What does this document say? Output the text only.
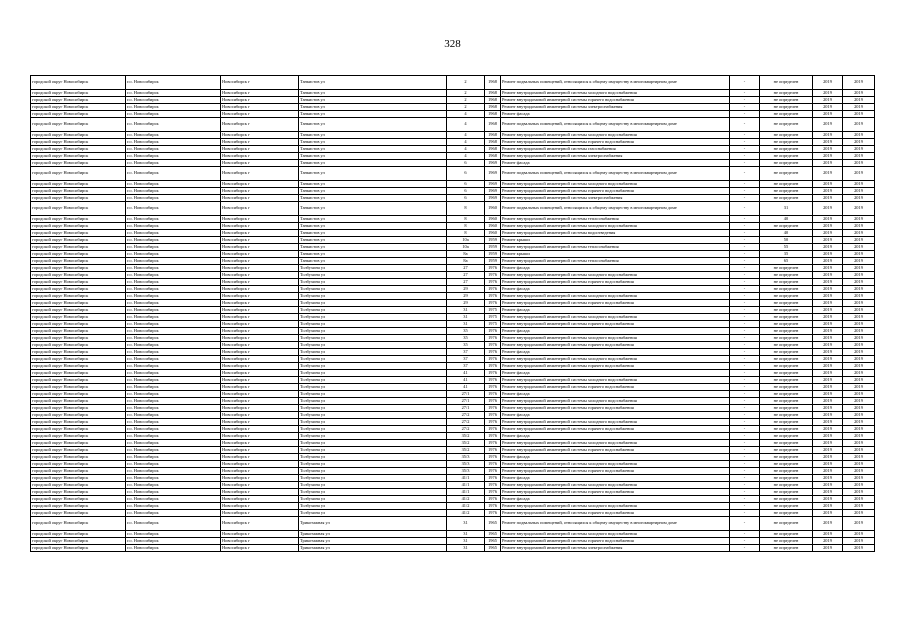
328
городской округ Новосибирск	г.о. Новосибирск	Новосибирск г	Танкистов ул	2	1968	Ремонт подвальных помещений, относящихся к общему имуществу в многоквартирном доме	-	не определен	2019	2019
городской округ Новосибирск	г.о. Новосибирск	Новосибирск г	Танкистов ул	2	1968	Ремонт внутридомовой инженерной системы холодного водоснабжения	-	не определен	2019	2019
городской округ Новосибирск	г.о. Новосибирск	Новосибирск г	Танкистов ул	2	1968	Ремонт внутридомовой инженерной системы горячего водоснабжения	-	не определен	2019	2019
городской округ Новосибирск	г.о. Новосибирск	Новосибирск г	Танкистов ул	2	1968	Ремонт внутридомовой инженерной системы электроснабжения	-	не определен	2019	2019
городской округ Новосибирск	г.о. Новосибирск	Новосибирск г	Танкистов ул	4	1968	Ремонт фасада	-	не определен	2019	2019
городской округ Новосибирск	г.о. Новосибирск	Новосибирск г	Танкистов ул	4	1968	Ремонт подвальных помещений, относящихся к общему имуществу в многоквартирном доме	-	не определен	2019	2019
городской округ Новосибирск	г.о. Новосибирск	Новосибирск г	Танкистов ул	4	1968	Ремонт внутридомовой инженерной системы холодного водоснабжения	-	не определен	2019	2019
городской округ Новосибирск	г.о. Новосибирск	Новосибирск г	Танкистов ул	4	1968	Ремонт внутридомовой инженерной системы горячего водоснабжения	-	не определен	2019	2019
городской округ Новосибирск	г.о. Новосибирск	Новосибирск г	Танкистов ул	4	1968	Ремонт внутридомовой инженерной системы газоснабжения	-	не определен	2019	2019
городской округ Новосибирск	г.о. Новосибирск	Новосибирск г	Танкистов ул	4	1968	Ремонт внутридомовой инженерной системы электроснабжения	-	не определен	2019	2019
городской округ Новосибирск	г.о. Новосибирск	Новосибирск г	Танкистов ул	6	1969	Ремонт фасада	-	не определен	2019	2019
городской округ Новосибирск	г.о. Новосибирск	Новосибирск г	Танкистов ул	6	1969	Ремонт подвальных помещений, относящихся к общему имуществу в многоквартирном доме	-	не определен	2019	2019
городской округ Новосибирск	г.о. Новосибирск	Новосибирск г	Танкистов ул	6	1969	Ремонт внутридомовой инженерной системы холодного водоснабжения	-	не определен	2019	2019
городской округ Новосибирск	г.о. Новосибирск	Новосибирск г	Танкистов ул	6	1969	Ремонт внутридомовой инженерной системы горячего водоснабжения	-	не определен	2019	2019
городской округ Новосибирск	г.о. Новосибирск	Новосибирск г	Танкистов ул	6	1969	Ремонт внутридомовой инженерной системы электроснабжения	-	не определен	2019	2019
городской округ Новосибирск	г.о. Новосибирск	Новосибирск г	Танкистов ул	8	1960	Ремонт подвальных помещений, относящихся к общему имуществу в многоквартирном доме	-	31	2019	2019
городской округ Новосибирск	г.о. Новосибирск	Новосибирск г	Танкистов ул	8	1960	Ремонт внутридомовой инженерной системы теплоснабжения	-	40	2019	2019
городской округ Новосибирск	г.о. Новосибирск	Новосибирск г	Танкистов ул	8	1960	Ремонт внутридомовой инженерной системы холодного водоснабжения	-	не определен	2019	2019
городской округ Новосибирск	г.о. Новосибирск	Новосибирск г	Танкистов ул	8	1960	Ремонт внутридомовой инженерной системы водоотведения	-	40	2019	2019
городской округ Новосибирск	г.о. Новосибирск	Новосибирск г	Танкистов ул	10а	1959	Ремонт крыши	-	50	2019	2019
городской округ Новосибирск	г.о. Новосибирск	Новосибирск г	Танкистов ул	10а	1959	Ремонт внутридомовой инженерной системы теплоснабжения	-	55	2019	2019
городской округ Новосибирск	г.о. Новосибирск	Новосибирск г	Танкистов ул	8а	1959	Ремонт крыши	-	35	2019	2019
городской округ Новосибирск	г.о. Новосибирск	Новосибирск г	Танкистов ул	8а	1959	Ремонт внутридомовой инженерной системы теплоснабжения	-	65	2019	2019
городской округ Новосибирск	г.о. Новосибирск	Новосибирск г	Толбухина ул	27	1976	Ремонт фасада	-	не определен	2019	2019
городской округ Новосибирск	г.о. Новосибирск	Новосибирск г	Толбухина ул	27	1976	Ремонт внутридомовой инженерной системы холодного водоснабжения	-	не определен	2019	2019
городской округ Новосибирск	г.о. Новосибирск	Новосибирск г	Толбухина ул	27	1976	Ремонт внутридомовой инженерной системы горячего водоснабжения	-	не определен	2019	2019
городской округ Новосибирск	г.о. Новосибирск	Новосибирск г	Толбухина ул	29	1976	Ремонт фасада	-	не определен	2019	2019
городской округ Новосибирск	г.о. Новосибирск	Новосибирск г	Толбухина ул	29	1976	Ремонт внутридомовой инженерной системы холодного водоснабжения	-	не определен	2019	2019
городской округ Новосибирск	г.о. Новосибирск	Новосибирск г	Толбухина ул	29	1976	Ремонт внутридомовой инженерной системы горячего водоснабжения	-	не определен	2019	2019
городской округ Новосибирск	г.о. Новосибирск	Новосибирск г	Толбухина ул	31	1975	Ремонт фасада	-	не определен	2019	2019
городской округ Новосибирск	г.о. Новосибирск	Новосибирск г	Толбухина ул	31	1975	Ремонт внутридомовой инженерной системы холодного водоснабжения	-	не определен	2019	2019
городской округ Новосибирск	г.о. Новосибирск	Новосибирск г	Толбухина ул	31	1975	Ремонт внутридомовой инженерной системы горячего водоснабжения	-	не определен	2019	2019
городской округ Новосибирск	г.о. Новосибирск	Новосибирск г	Толбухина ул	35	1976	Ремонт фасада	-	не определен	2019	2019
городской округ Новосибирск	г.о. Новосибирск	Новосибирск г	Толбухина ул	35	1976	Ремонт внутридомовой инженерной системы холодного водоснабжения	-	не определен	2019	2019
городской округ Новосибирск	г.о. Новосибирск	Новосибирск г	Толбухина ул	35	1976	Ремонт внутридомовой инженерной системы горячего водоснабжения	-	не определен	2019	2019
городской округ Новосибирск	г.о. Новосибирск	Новосибирск г	Толбухина ул	37	1976	Ремонт фасада	-	не определен	2019	2019
городской округ Новосибирск	г.о. Новосибирск	Новосибирск г	Толбухина ул	37	1976	Ремонт внутридомовой инженерной системы холодного водоснабжения	-	не определен	2019	2019
городской округ Новосибирск	г.о. Новосибирск	Новосибирск г	Толбухина ул	37	1976	Ремонт внутридомовой инженерной системы горячего водоснабжения	-	не определен	2019	2019
городской округ Новосибирск	г.о. Новосибирск	Новосибирск г	Толбухина ул	41	1976	Ремонт фасада	-	не определен	2019	2019
городской округ Новосибирск	г.о. Новосибирск	Новосибирск г	Толбухина ул	41	1976	Ремонт внутридомовой инженерной системы холодного водоснабжения	-	не определен	2019	2019
городской округ Новосибирск	г.о. Новосибирск	Новосибирск г	Толбухина ул	41	1976	Ремонт внутридомовой инженерной системы горячего водоснабжения	-	не определен	2019	2019
городской округ Новосибирск	г.о. Новосибирск	Новосибирск г	Толбухина ул	27/1	1976	Ремонт фасада	-	не определен	2019	2019
городской округ Новосибирск	г.о. Новосибирск	Новосибирск г	Толбухина ул	27/1	1976	Ремонт внутридомовой инженерной системы холодного водоснабжения	-	не определен	2019	2019
городской округ Новосибирск	г.о. Новосибирск	Новосибирск г	Толбухина ул	27/1	1976	Ремонт внутридомовой инженерной системы горячего водоснабжения	-	не определен	2019	2019
городской округ Новосибирск	г.о. Новосибирск	Новосибирск г	Толбухина ул	27/2	1976	Ремонт фасада	-	не определен	2019	2019
городской округ Новосибирск	г.о. Новосибирск	Новосибирск г	Толбухина ул	27/2	1976	Ремонт внутридомовой инженерной системы холодного водоснабжения	-	не определен	2019	2019
городской округ Новосибирск	г.о. Новосибирск	Новосибирск г	Толбухина ул	27/2	1976	Ремонт внутридомовой инженерной системы горячего водоснабжения	-	не определен	2019	2019
городской округ Новосибирск	г.о. Новосибирск	Новосибирск г	Толбухина ул	35/2	1976	Ремонт фасада	-	не определен	2019	2019
городской округ Новосибирск	г.о. Новосибирск	Новосибирск г	Толбухина ул	35/2	1976	Ремонт внутридомовой инженерной системы холодного водоснабжения	-	не определен	2019	2019
городской округ Новосибирск	г.о. Новосибирск	Новосибирск г	Толбухина ул	35/2	1976	Ремонт внутридомовой инженерной системы горячего водоснабжения	-	не определен	2019	2019
городской округ Новосибирск	г.о. Новосибирск	Новосибирск г	Толбухина ул	35/3	1976	Ремонт фасада	-	не определен	2019	2019
городской округ Новосибирск	г.о. Новосибирск	Новосибирск г	Толбухина ул	35/3	1976	Ремонт внутридомовой инженерной системы холодного водоснабжения	-	не определен	2019	2019
городской округ Новосибирск	г.о. Новосибирск	Новосибирск г	Толбухина ул	35/3	1976	Ремонт внутридомовой инженерной системы горячего водоснабжения	-	не определен	2019	2019
городской округ Новосибирск	г.о. Новосибирск	Новосибирск г	Толбухина ул	41/1	1976	Ремонт фасада	-	не определен	2019	2019
городской округ Новосибирск	г.о. Новосибирск	Новосибирск г	Толбухина ул	41/1	1976	Ремонт внутридомовой инженерной системы холодного водоснабжения	-	не определен	2019	2019
городской округ Новосибирск	г.о. Новосибирск	Новосибирск г	Толбухина ул	41/1	1976	Ремонт внутридомовой инженерной системы горячего водоснабжения	-	не определен	2019	2019
городской округ Новосибирск	г.о. Новосибирск	Новосибирск г	Толбухина ул	41/2	1976	Ремонт фасада	-	не определен	2019	2019
городской округ Новосибирск	г.о. Новосибирск	Новосибирск г	Толбухина ул	41/2	1976	Ремонт внутридомовой инженерной системы холодного водоснабжения	-	не определен	2019	2019
городской округ Новосибирск	г.о. Новосибирск	Новосибирск г	Толбухина ул	41/2	1976	Ремонт внутридомовой инженерной системы горячего водоснабжения	-	не определен	2019	2019
городской округ Новосибирск	г.о. Новосибирск	Новосибирск г	Трикотажная ул	31	1965	Ремонт подвальных помещений, относящихся к общему имуществу в многоквартирном доме	-	не определен	2019	2019
городской округ Новосибирск	г.о. Новосибирск	Новосибирск г	Трикотажная ул	31	1965	Ремонт внутридомовой инженерной системы холодного водоснабжения	-	не определен	2019	2019
городской округ Новосибирск	г.о. Новосибирск	Новосибирск г	Трикотажная ул	31	1965	Ремонт внутридомовой инженерной системы горячего водоснабжения	-	не определен	2019	2019
городской округ Новосибирск	г.о. Новосибирск	Новосибирск г	Трикотажная ул	31	1965	Ремонт внутридомовой инженерной системы электроснабжения	-	не определен	2019	2019
